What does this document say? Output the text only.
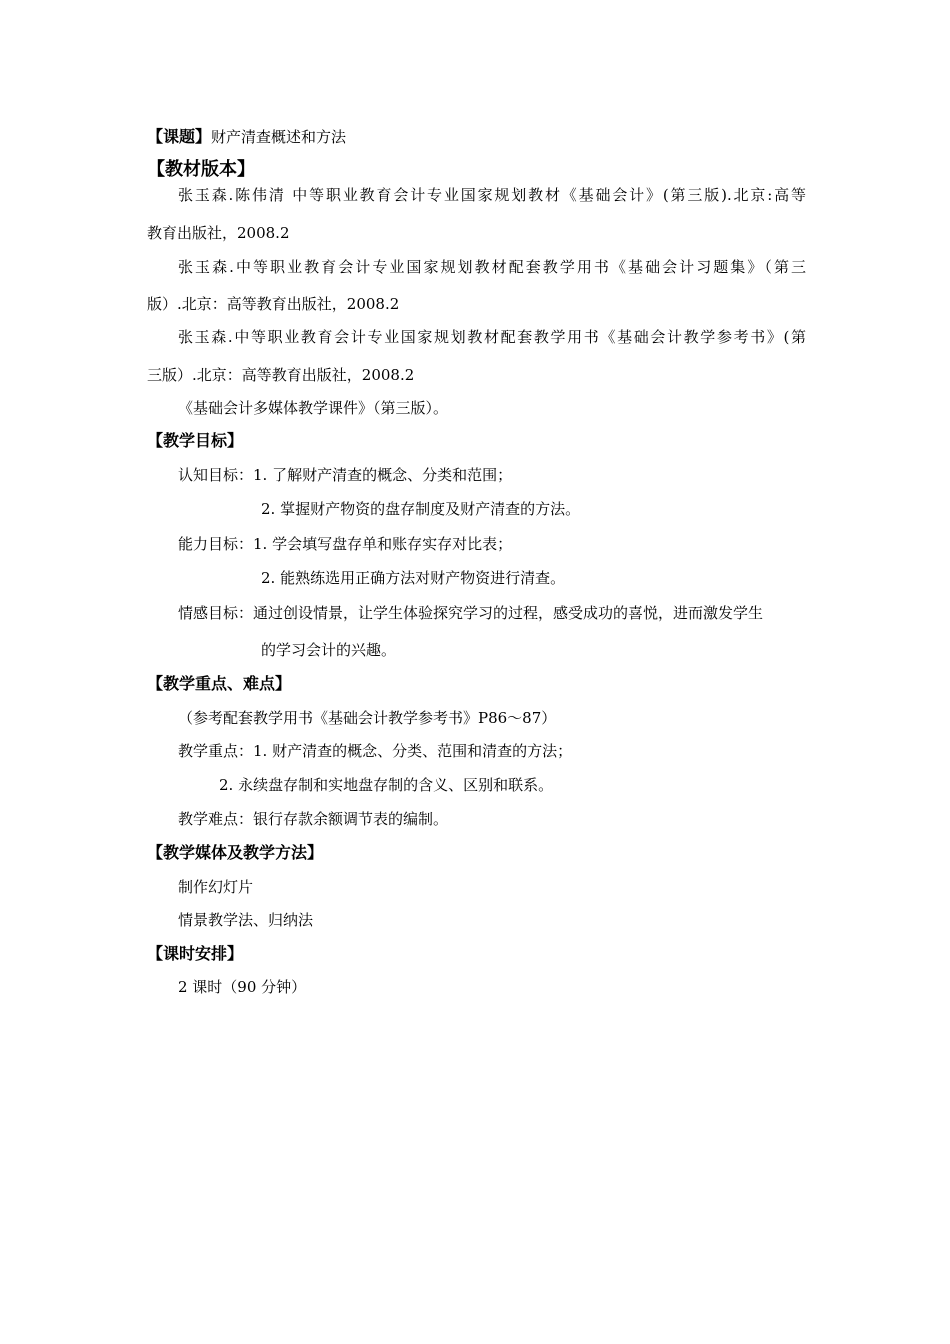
【课题】财产清查概述和方法
【教材版本】
张玉森.陈伟清 中等职业教育会计专业国家规划教材《基础会计》(第三版).北京:高等
教育出版社，2008.2
张玉森.中等职业教育会计专业国家规划教材配套教学用书《基础会计习题集》（第三
版）.北京：高等教育出版社，2008.2
张玉森.中等职业教育会计专业国家规划教材配套教学用书《基础会计教学参考书》(第
三版）.北京：高等教育出版社，2008.2
《基础会计多媒体教学课件》（第三版）。
【教学目标】
认知目标：1. 了解财产清查的概念、分类和范围；
2. 掌握财产物资的盘存制度及财产清查的方法。
能力目标：1. 学会填写盘存单和账存实存对比表；
2. 能熟练选用正确方法对财产物资进行清查。
情感目标：通过创设情景，让学生体验探究学习的过程，感受成功的喜悦，进而激发学生
的学习会计的兴趣。
【教学重点、难点】
（参考配套教学用书《基础会计教学参考书》P86～87）
教学重点：1. 财产清查的概念、分类、范围和清查的方法；
2. 永续盘存制和实地盘存制的含义、区别和联系。
教学难点：银行存款余额调节表的编制。
【教学媒体及教学方法】
制作幻灯片
情景教学法、归纳法
【课时安排】
2 课时（90 分钟）
